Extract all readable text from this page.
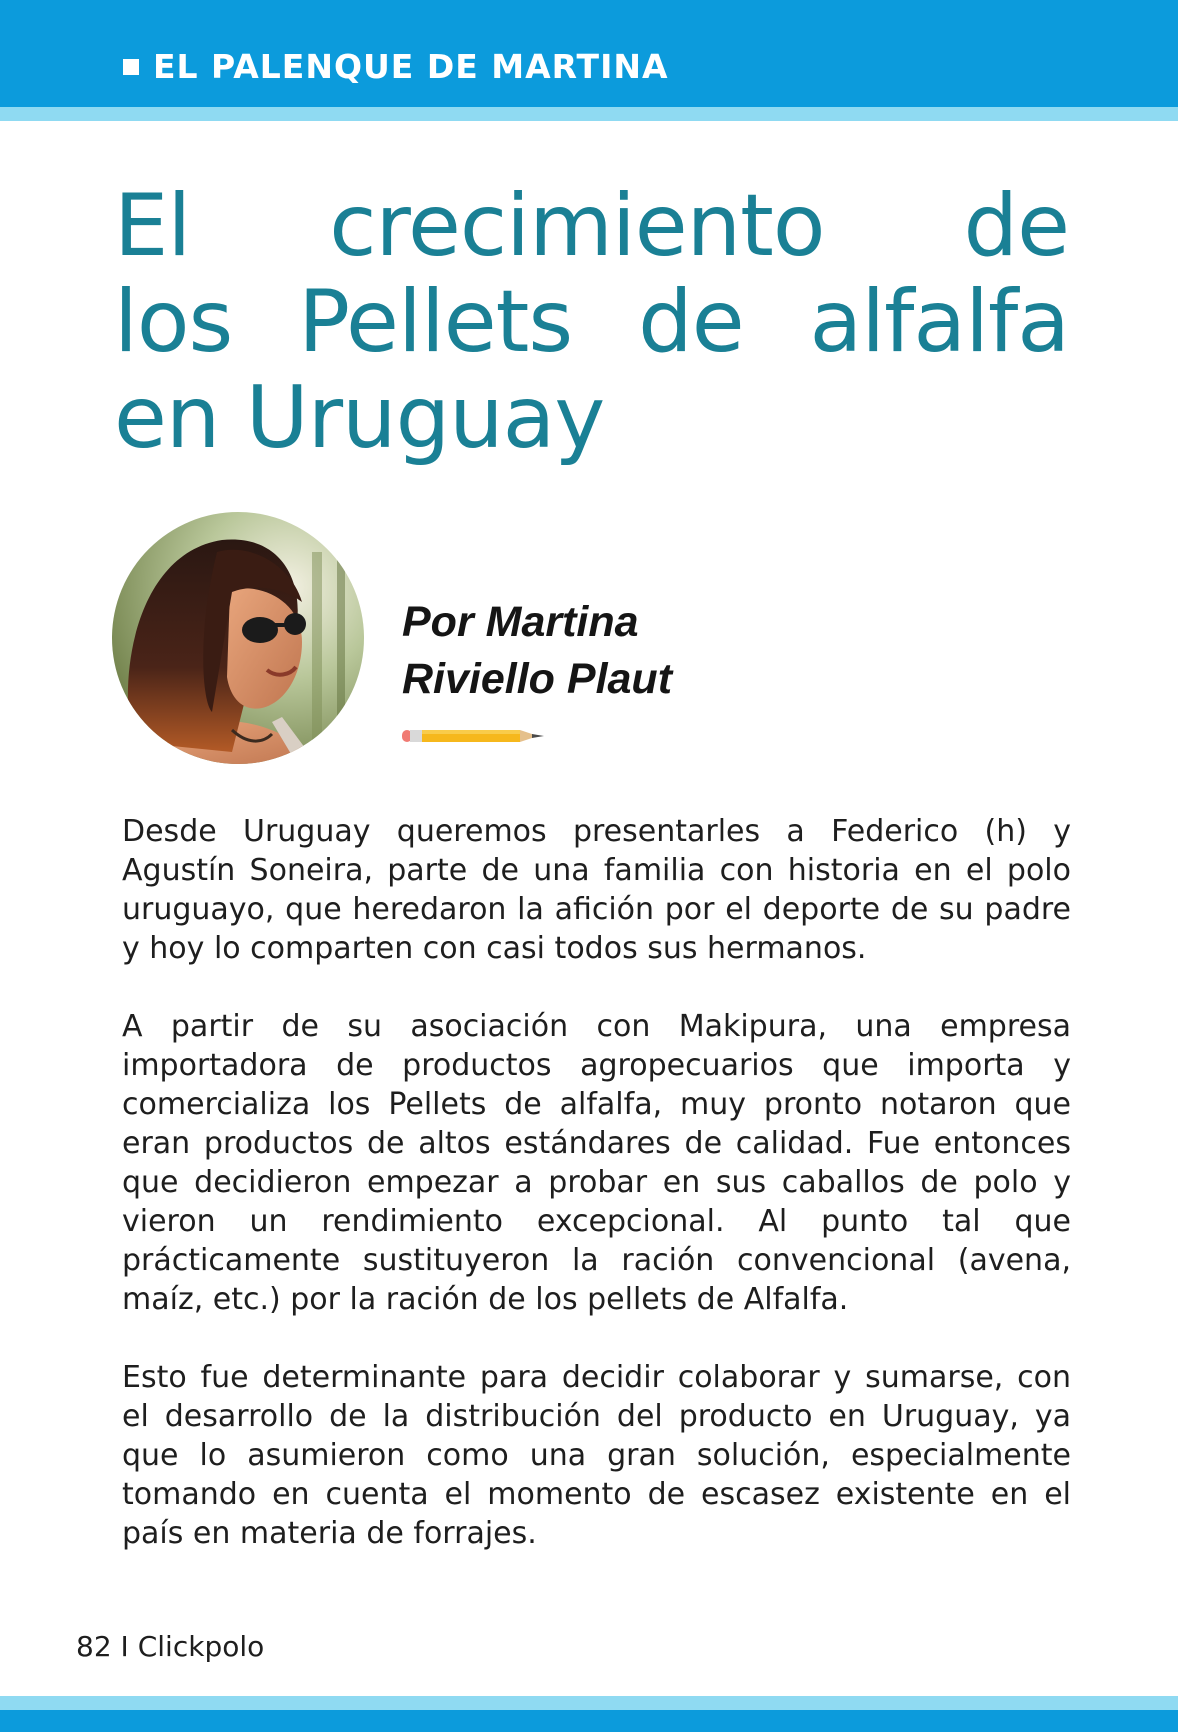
EL PALENQUE DE MARTINA
El crecimiento de
los Pellets de alfalfa
en Uruguay
Por Martina
Riviello Plaut

Desde Uruguay queremos presentarles a Federico (h) y Agustín Soneira, parte de una familia con historia en el polo uruguayo, que heredaron la afición por el deporte de su padre y hoy lo comparten con casi todos sus hermanos.

A partir de su asociación con Makipura, una empresa importadora de productos agropecuarios que importa y comercializa los Pellets de alfalfa, muy pronto notaron que eran productos de altos estándares de calidad. Fue entonces que decidieron empezar a probar en sus caballos de polo y vieron un rendimiento excepcional. Al punto tal que prácticamente sustituyeron la ración convencional (avena, maíz, etc.) por la ración de los pellets de Alfalfa.

Esto fue determinante para decidir colaborar y sumarse, con el desarrollo de la distribución del producto en Uruguay, ya que lo asumieron como una gran solución, especialmente tomando en cuenta el momento de escasez existente en el país en materia de forrajes.

82 I Clickpolo
